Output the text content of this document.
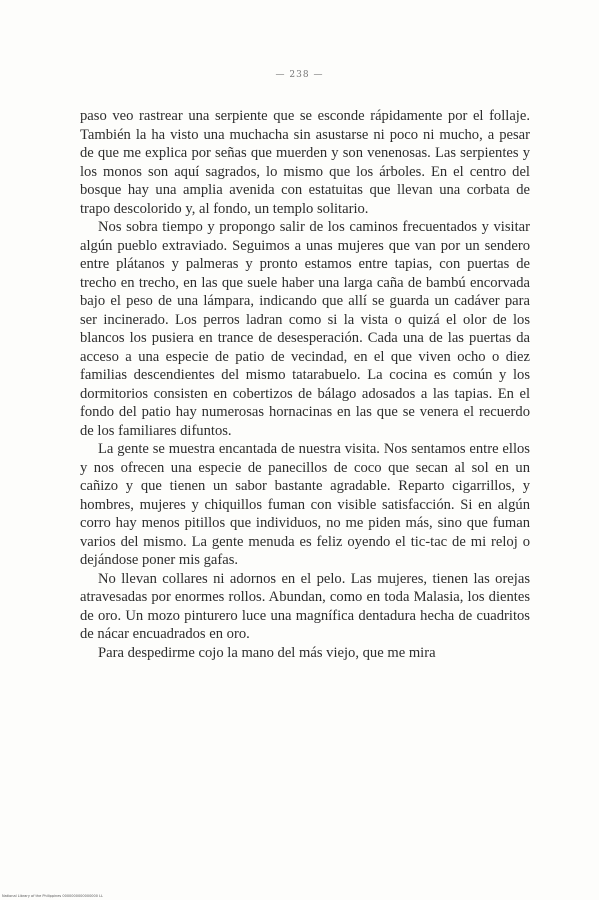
— 238 —

paso veo rastrear una serpiente que se esconde rápidamente por el follaje. También la ha visto una muchacha sin asustarse ni poco ni mucho, a pesar de que me explica por señas que muerden y son venenosas. Las serpientes y los monos son aquí sagrados, lo mismo que los árboles. En el centro del bosque hay una amplia avenida con estatuitas que llevan una corbata de trapo descolorido y, al fondo, un templo solitario.

Nos sobra tiempo y propongo salir de los caminos frecuentados y visitar algún pueblo extraviado. Seguimos a unas mujeres que van por un sendero entre plátanos y palmeras y pronto estamos entre tapias, con puertas de trecho en trecho, en las que suele haber una larga caña de bambú encorvada bajo el peso de una lámpara, indicando que allí se guarda un cadáver para ser incinerado. Los perros ladran como si la vista o quizá el olor de los blancos los pusiera en trance de desesperación. Cada una de las puertas da acceso a una especie de patio de vecindad, en el que viven ocho o diez familias descendientes del mismo tatarabuelo. La cocina es común y los dormitorios consisten en cobertizos de bálago adosados a las tapias. En el fondo del patio hay numerosas hornacinas en las que se venera el recuerdo de los familiares difuntos.

La gente se muestra encantada de nuestra visita. Nos sentamos entre ellos y nos ofrecen una especie de panecillos de coco que secan al sol en un cañizo y que tienen un sabor bastante agradable. Reparto cigarrillos, y hombres, mujeres y chiquillos fuman con visible satisfacción. Si en algún corro hay menos pitillos que individuos, no me piden más, sino que fuman varios del mismo. La gente menuda es feliz oyendo el tic-tac de mi reloj o dejándose poner mis gafas.

No llevan collares ni adornos en el pelo. Las mujeres, tienen las orejas atravesadas por enormes rollos. Abundan, como en toda Malasia, los dientes de oro. Un mozo pinturero luce una magnífica dentadura hecha de cuadritos de nácar encuadrados en oro.

Para despedirme cojo la mano del más viejo, que me mira

National Library of the Philippines 0000000000000000 LL
